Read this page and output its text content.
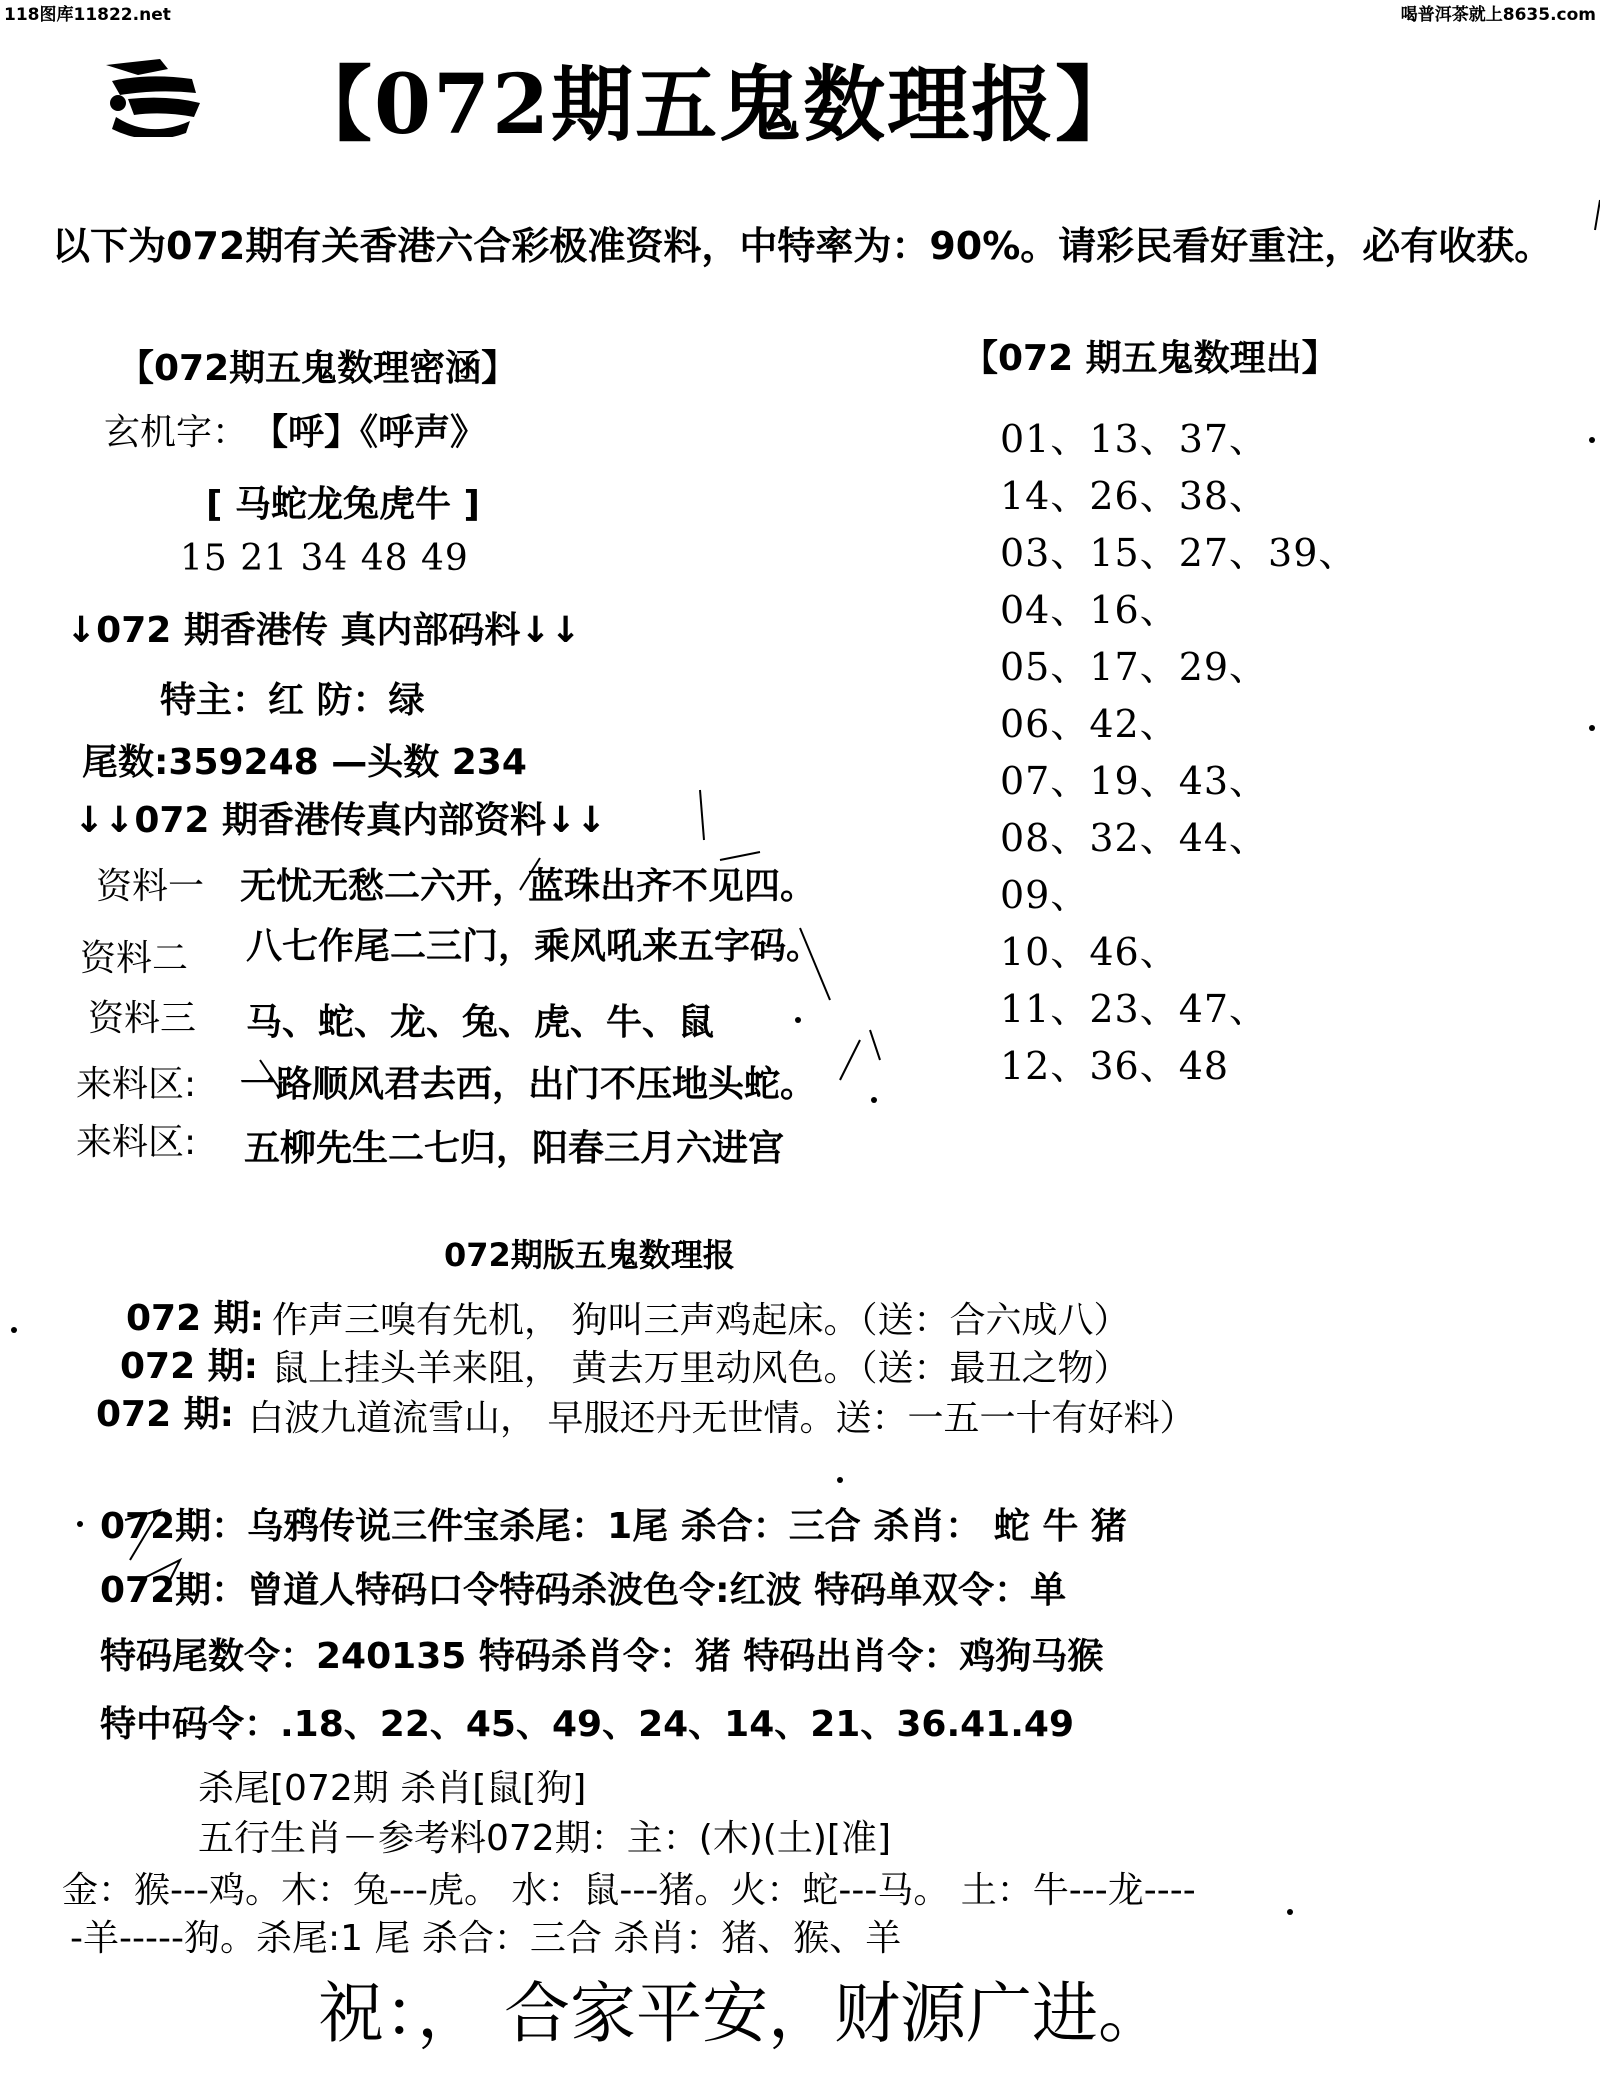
118图库11822.net	喝普洱茶就上8635.com
【072期五鬼数理报】
以下为072期有关香港六合彩极准资料，中特率为：90%。请彩民看好重注，必有收获。
【072期五鬼数理密涵】
玄机字： 【呼】《呼声》
[ 马蛇龙兔虎牛 ]
15 21 34 48 49
↓072 期香港传 真内部码料↓↓
特主：红 防：绿
尾数:359248 —头数 234
↓↓072 期香港传真内部资料↓↓
资料一 无忧无愁二六开，蓝珠出齐不见四。
资料二 八七作尾二三门，乘风吼来五字码。
资料三 马、蛇、龙、兔、虎、牛、鼠
来料区: 一路顺风君去西，出门不压地头蛇。
来料区: 五柳先生二七归，阳春三月六进宫
【072 期五鬼数理出】
01、13、37、
14、26、38、
03、15、27、39、
04、16、
05、17、29、
06、42、
07、19、43、
08、32、44、
09、
10、46、
11、23、47、
12、36、48
072期版五鬼数理报
072 期: 作声三嗅有先机， 狗叫三声鸡起床。（送：合六成八）
072 期: 鼠上挂头羊来阻， 黄去万里动风色。（送：最丑之物）
072 期: 白波九道流雪山， 早服还丹无世情。送：一五一十有好料）
072期：乌鸦传说三件宝杀尾：1尾 杀合：三合 杀肖： 蛇 牛 猪
072期：曾道人特码口令特码杀波色令:红波 特码单双令：单
特码尾数令：240135 特码杀肖令：猪 特码出肖令：鸡狗马猴
特中码令：.18、22、45、49、24、14、21、36.41.49
杀尾[072期 杀肖[鼠[狗]
五行生肖－参考料072期：主：(木)(土)[准]
金：猴---鸡。木：兔---虎。 水：鼠---猪。火：蛇---马。 土：牛---龙----
-羊-----狗。杀尾:1 尾 杀合：三合 杀肖：猪、猴、羊
祝：， 合家平安，财源广进。
